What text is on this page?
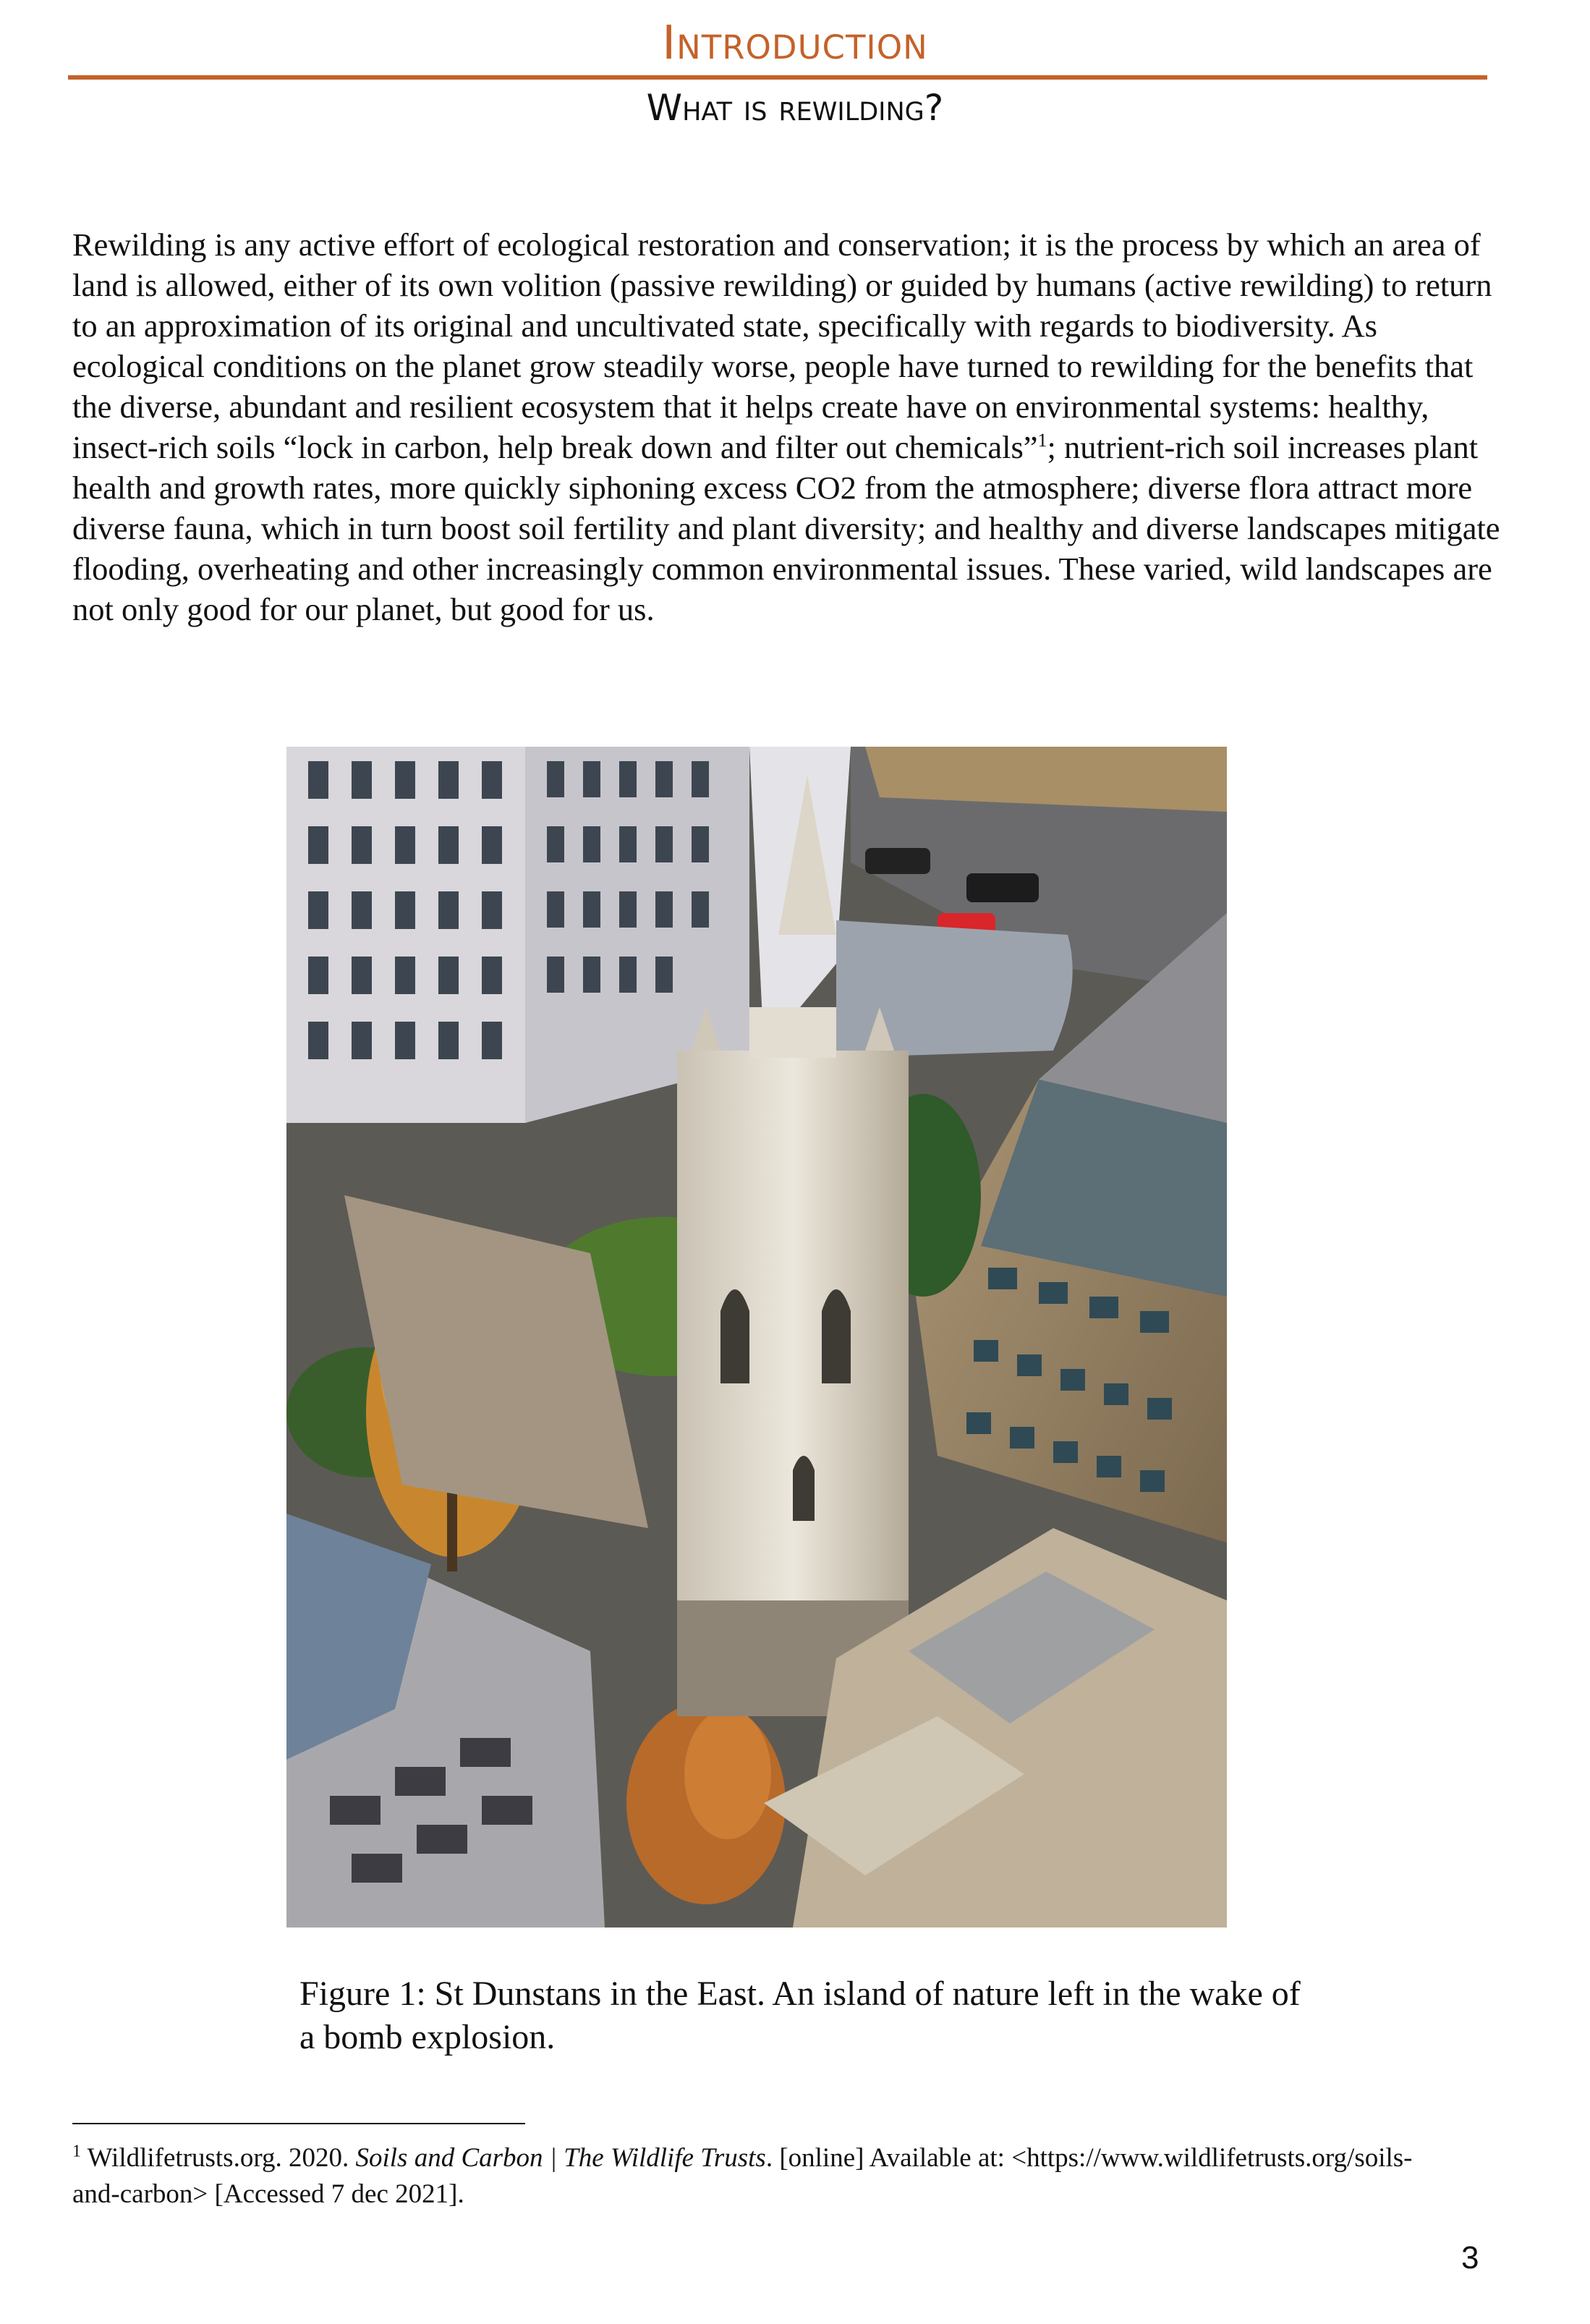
Introduction
What is rewilding?

Rewilding is any active effort of ecological restoration and conservation; it is the process by which an area of land is allowed, either of its own volition (passive rewilding) or guided by humans (active rewilding) to return to an approximation of its original and uncultivated state, specifically with regards to biodiversity. As ecological conditions on the planet grow steadily worse, people have turned to rewilding for the benefits that the diverse, abundant and resilient ecosystem that it helps create have on environmental systems: healthy, insect-rich soils “lock in carbon, help break down and filter out chemicals”$^1$; nutrient-rich soil increases plant health and growth rates, more quickly siphoning excess CO2 from the atmosphere; diverse flora attract more diverse fauna, which in turn boost soil fertility and plant diversity; and healthy and diverse landscapes mitigate flooding, overheating and other increasingly common environmental issues. These varied, wild landscapes are not only good for our planet, but good for us.

Figure 1: St Dunstans in the East. An island of nature left in the wake of a bomb explosion.

$^1$ Wildlifetrusts.org. 2020. Soils and Carbon | The Wildlife Trusts. [online] Available at: <https://www.wildlifetrusts.org/soils-and-carbon> [Accessed 7 dec 2021].

3
